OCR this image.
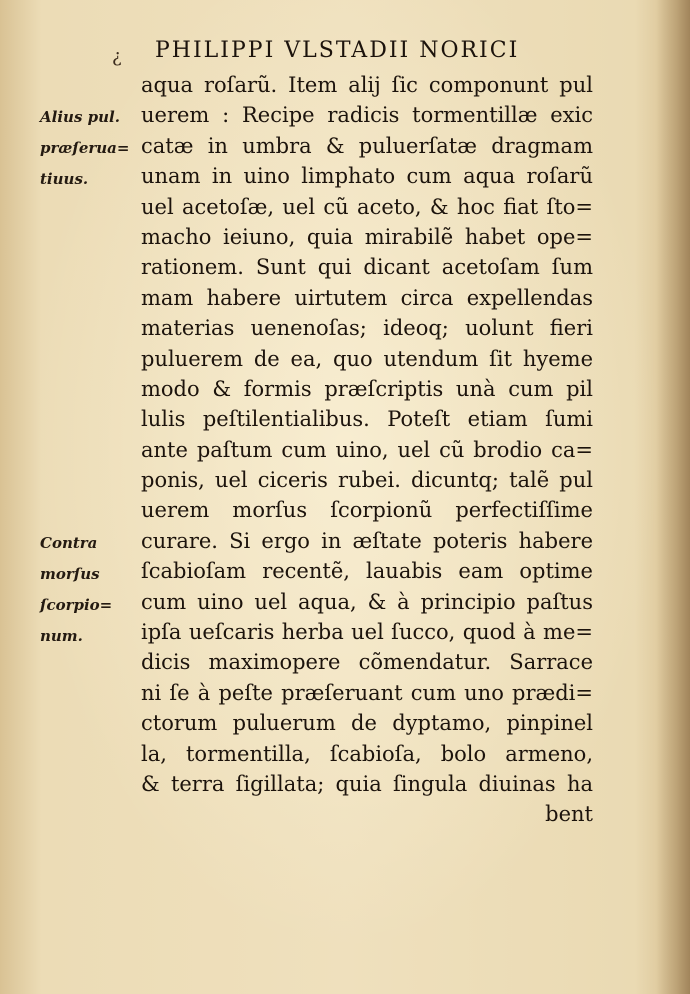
¿ PHILIPPI VLSTADII NORICI
Alius pul.
præſerua=
tiuus.
Contra
morſus
ſcorpio=
num.
aqua roſarũ. Item alij ſic componunt pul
uerem : Recipe radicis tormentillæ exic
catæ in umbra & puluerſatæ dragmam
unam in uino limphato cum aqua roſarũ
uel acetoſæ, uel cũ aceto, & hoc fiat ſto=
macho ieiuno, quia mirabilẽ habet ope=
rationem. Sunt qui dicant acetoſam ſum
mam habere uirtutem circa expellendas
materias uenenoſas; ideoq; uolunt fieri
puluerem de ea, quo utendum ſit hyeme
modo & formis præſcriptis unà cum pil
lulis peſtilentialibus. Poteſt etiam ſumi
ante paſtum cum uino, uel cũ brodio ca=
ponis, uel ciceris rubei. dicuntq; talẽ pul
uerem morſus ſcorpionũ perfectiſſime
curare. Si ergo in æſtate poteris habere
ſcabioſam recentẽ, lauabis eam optime
cum uino uel aqua, & à principio paſtus
ipſa ueſcaris herba uel ſucco, quod à me=
dicis maximopere cõmendatur. Sarrace
ni ſe à peſte præſeruant cum uno prædi=
ctorum puluerum de dyptamo, pinpinel
la, tormentilla, ſcabioſa, bolo armeno,
& terra ſigillata; quia ſingula diuinas ha
bent
